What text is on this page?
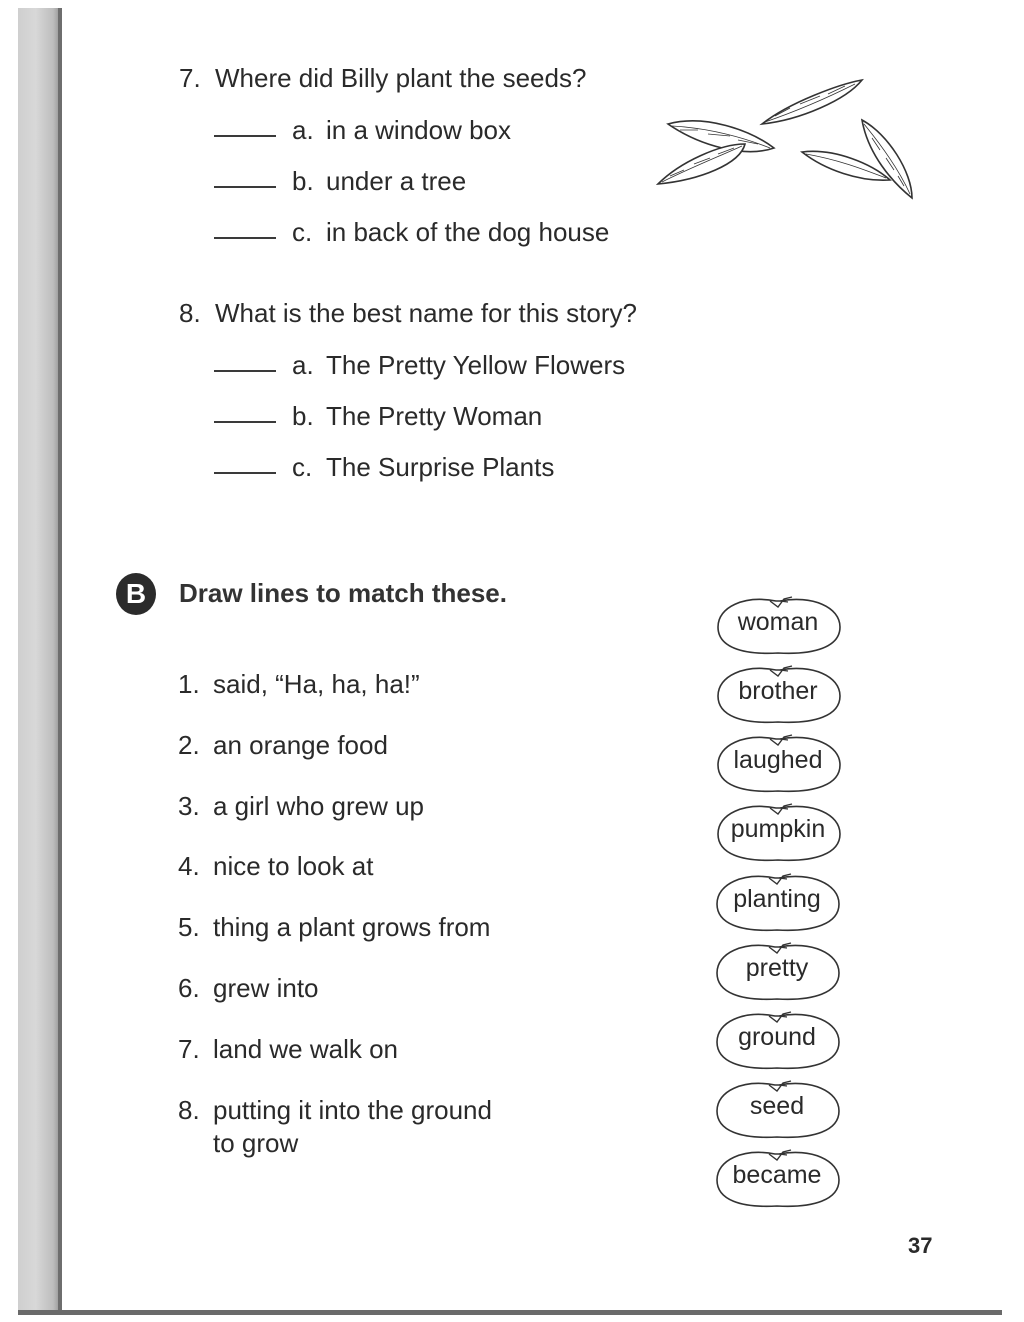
7. Where did Billy plant the seeds?
a. in a window box
b. under a tree
c. in back of the dog house
8. What is the best name for this story?
a. The Pretty Yellow Flowers
b. The Pretty Woman
c. The Surprise Plants
B	Draw lines to match these.
1. said, “Ha, ha, ha!”
2. an orange food
3. a girl who grew up
4. nice to look at
5. thing a plant grows from
6. grew into
7. land we walk on
8. putting it into the ground
to grow
woman
brother
laughed
pumpkin
planting
pretty
ground
seed
became
37
